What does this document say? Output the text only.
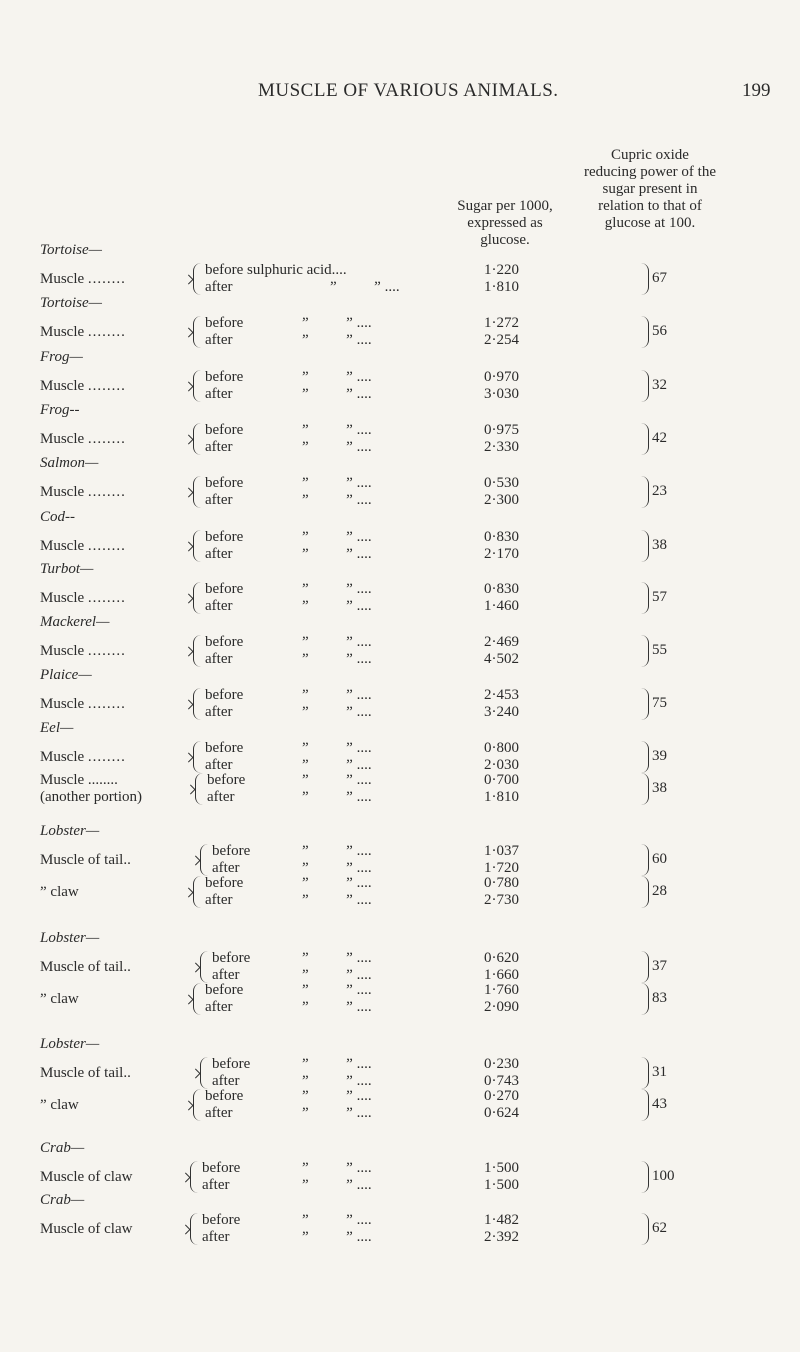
MUSCLE OF VARIOUS ANIMALS.	199
Cupric oxide
reducing power of the
sugar present in
relation to that of
glucose at 100.
Sugar per 1000,
expressed as
glucose.
Tortoise—
Muscle ........
before sulphuric acid....
after	”          ” ....
1·220
1·810
67
Tortoise—
Muscle ........
before
after
”          ” ....
”          ” ....
1·272
2·254
56
Frog—
Muscle ........
before
after
”          ” ....
”          ” ....
0·970
3·030
32
Frog--
Muscle ........
before
after
”          ” ....
”          ” ....
0·975
2·330
42
Salmon—
Muscle ........
before
after
”          ” ....
”          ” ....
0·530
2·300
23
Cod--
Muscle ........
before
after
”          ” ....
”          ” ....
0·830
2·170
38
Turbot—
Muscle ........
before
after
”          ” ....
”          ” ....
0·830
1·460
57
Mackerel—
Muscle ........
before
after
”          ” ....
”          ” ....
2·469
4·502
55
Plaice—
Muscle ........
before
after
”          ” ....
”          ” ....
2·453
3·240
75
Eel—
Muscle ........
before
after
”          ” ....
”          ” ....
0·800
2·030
39
Muscle ........
(another portion)
before
after
”          ” ....
”          ” ....
0·700
1·810
38
Lobster—
Muscle of tail..
before
after
”          ” ....
”          ” ....
1·037
1·720
60
” claw
before
after
”          ” ....
”          ” ....
0·780
2·730
28
Lobster—
Muscle of tail..
before
after
”          ” ....
”          ” ....
0·620
1·660
37
” claw
before
after
”          ” ....
”          ” ....
1·760
2·090
83
Lobster—
Muscle of tail..
before
after
”          ” ....
”          ” ....
0·230
0·743
31
” claw
before
after
”          ” ....
”          ” ....
0·270
0·624
43
Crab—
Muscle of claw
before
after
”          ” ....
”          ” ....
1·500
1·500
100
Crab—
Muscle of claw
before
after
”          ” ....
”          ” ....
1·482
2·392
62
